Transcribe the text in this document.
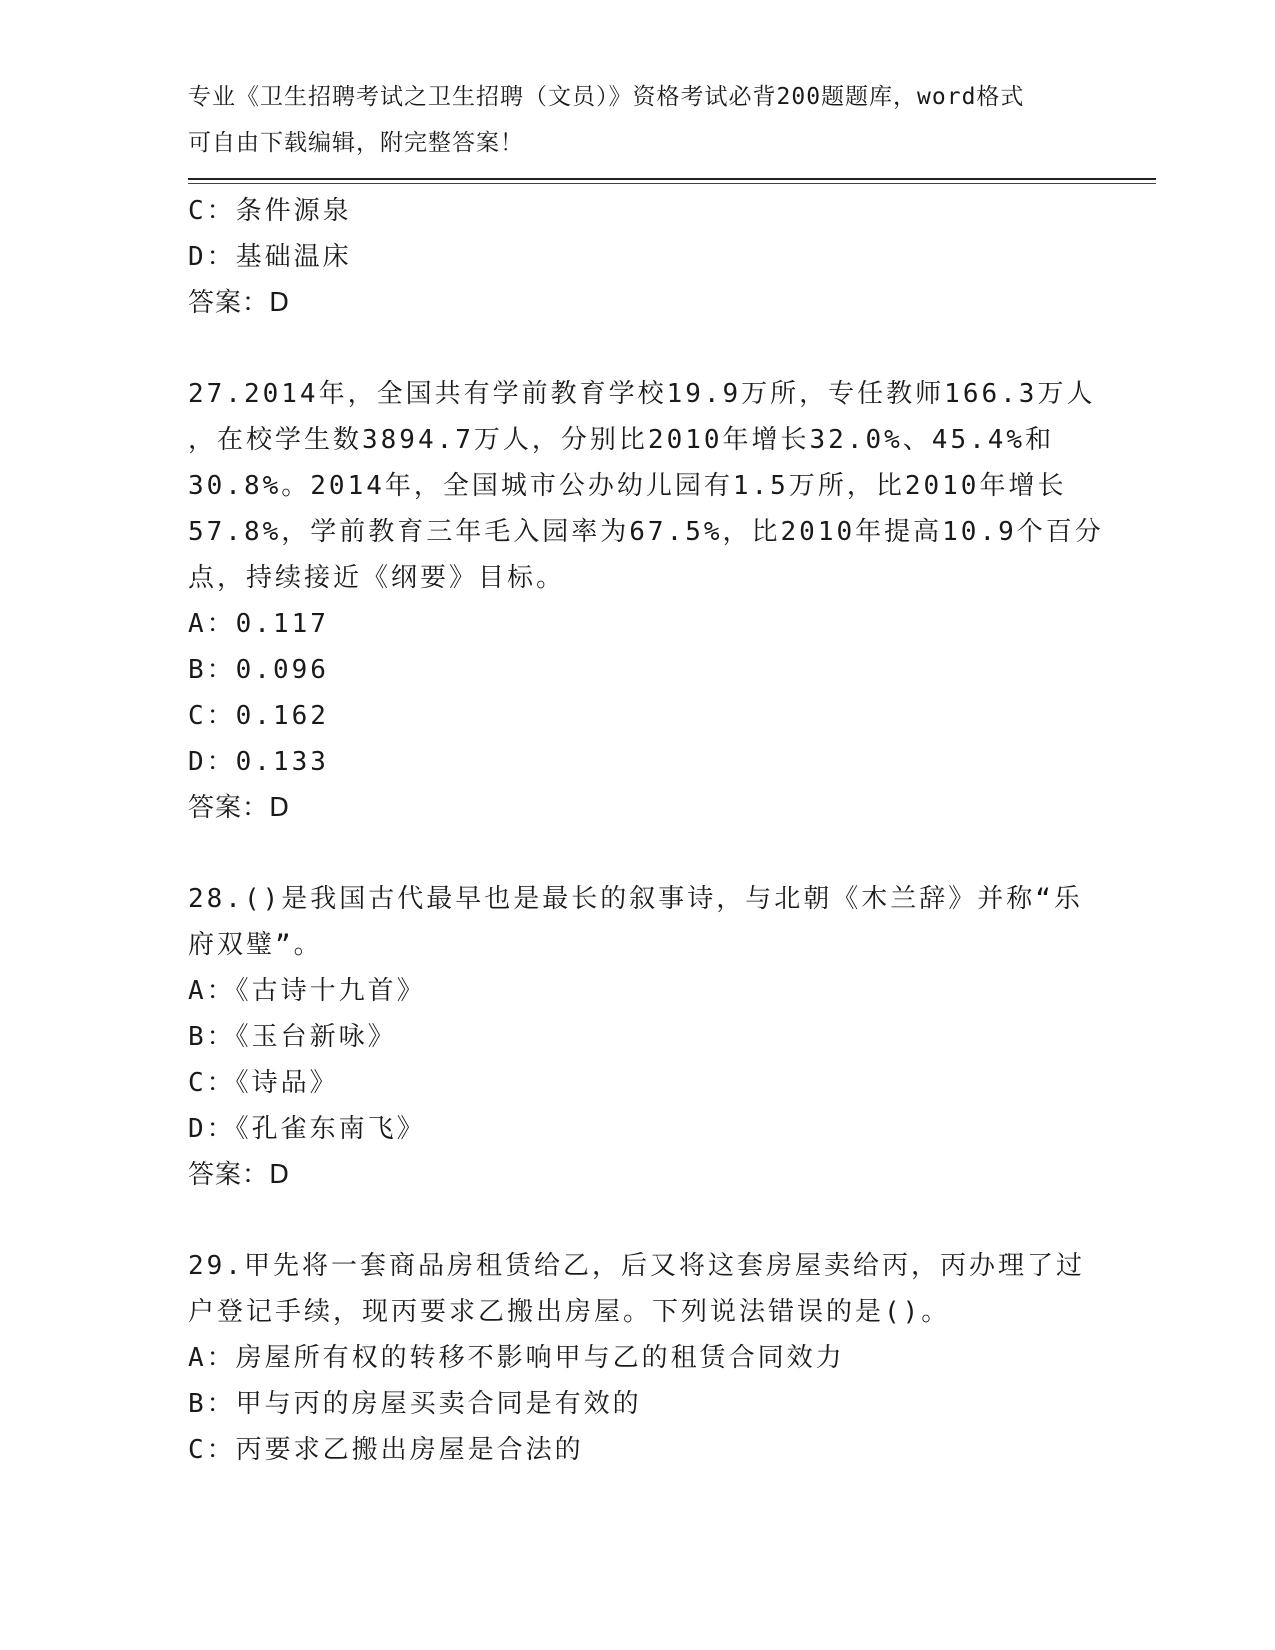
专业《卫生招聘考试之卫生招聘（文员）》资格考试必背200题题库，word格式
可自由下载编辑，附完整答案！
C：条件源泉
D：基础温床
答案：D
27.2014年，全国共有学前教育学校19.9万所，专任教师166.3万人
，在校学生数3894.7万人，分别比2010年增长32.0%、45.4%和
30.8%。2014年，全国城市公办幼儿园有1.5万所，比2010年增长
57.8%，学前教育三年毛入园率为67.5%，比2010年提高10.9个百分
点，持续接近《纲要》目标。
A：0.117
B：0.096
C：0.162
D：0.133
答案：D
28.()是我国古代最早也是最长的叙事诗，与北朝《木兰辞》并称“乐
府双璧”。
A：《古诗十九首》
B：《玉台新咏》
C：《诗品》
D：《孔雀东南飞》
答案：D
29.甲先将一套商品房租赁给乙，后又将这套房屋卖给丙，丙办理了过
户登记手续，现丙要求乙搬出房屋。下列说法错误的是()。
A：房屋所有权的转移不影响甲与乙的租赁合同效力
B：甲与丙的房屋买卖合同是有效的
C：丙要求乙搬出房屋是合法的
